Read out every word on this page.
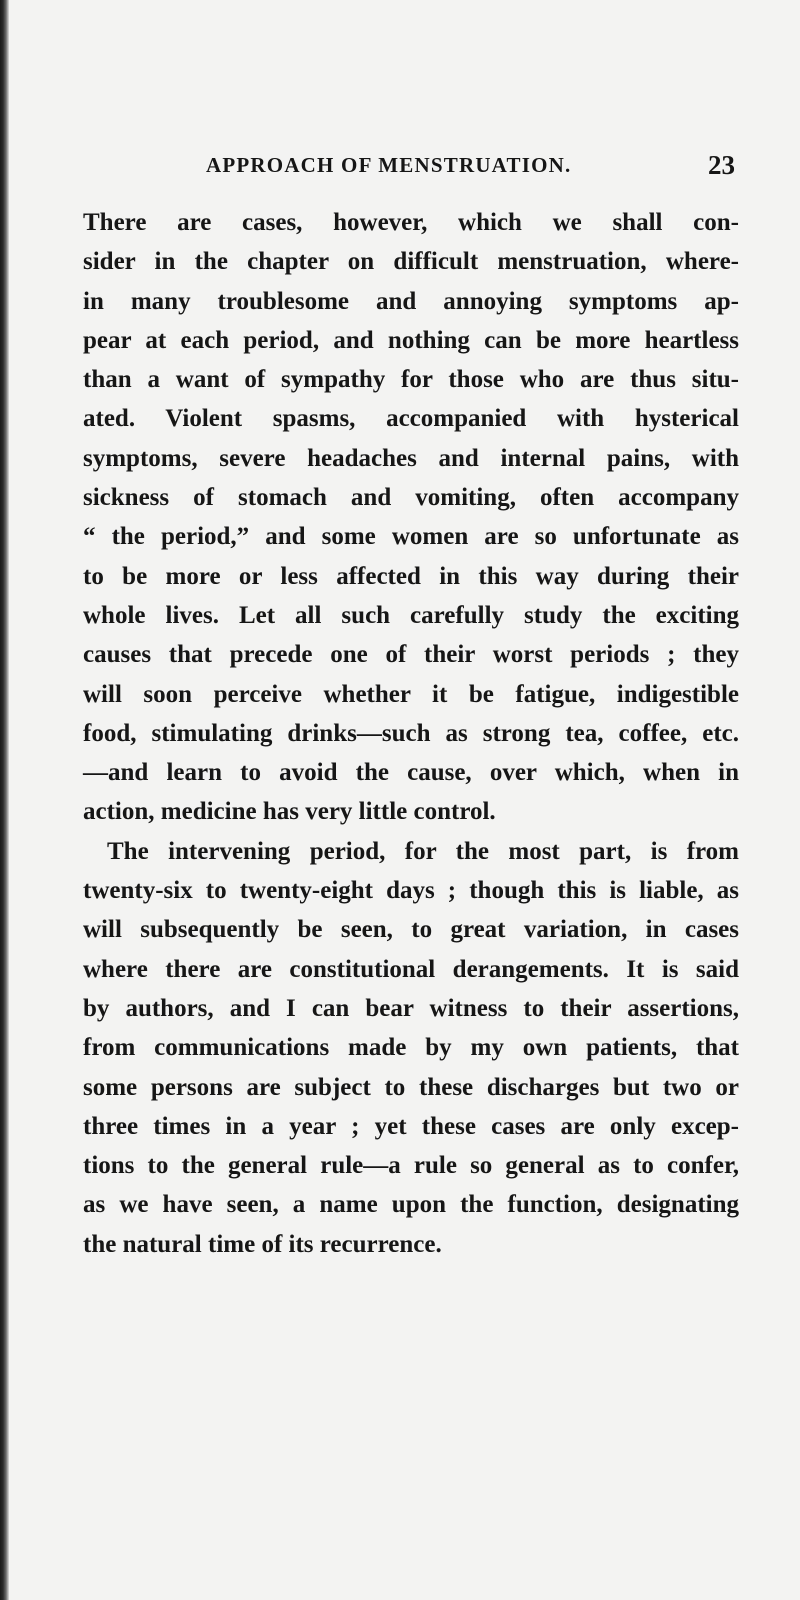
APPROACH OF MENSTRUATION.	23
There are cases, however, which we shall con-
sider in the chapter on difficult menstruation, where-
in many troublesome and annoying symptoms ap-
pear at each period, and nothing can be more heartless
than a want of sympathy for those who are thus situ-
ated. Violent spasms, accompanied with hysterical
symptoms, severe headaches and internal pains, with
sickness of stomach and vomiting, often accompany
“ the period,” and some women are so unfortunate as
to be more or less affected in this way during their
whole lives. Let all such carefully study the exciting
causes that precede one of their worst periods ; they
will soon perceive whether it be fatigue, indigestible
food, stimulating drinks—such as strong tea, coffee, etc.
—and learn to avoid the cause, over which, when in
action, medicine has very little control.
The intervening period, for the most part, is from
twenty-six to twenty-eight days ; though this is liable, as
will subsequently be seen, to great variation, in cases
where there are constitutional derangements. It is said
by authors, and I can bear witness to their assertions,
from communications made by my own patients, that
some persons are subject to these discharges but two or
three times in a year ; yet these cases are only excep-
tions to the general rule—a rule so general as to confer,
as we have seen, a name upon the function, designating
the natural time of its recurrence.
